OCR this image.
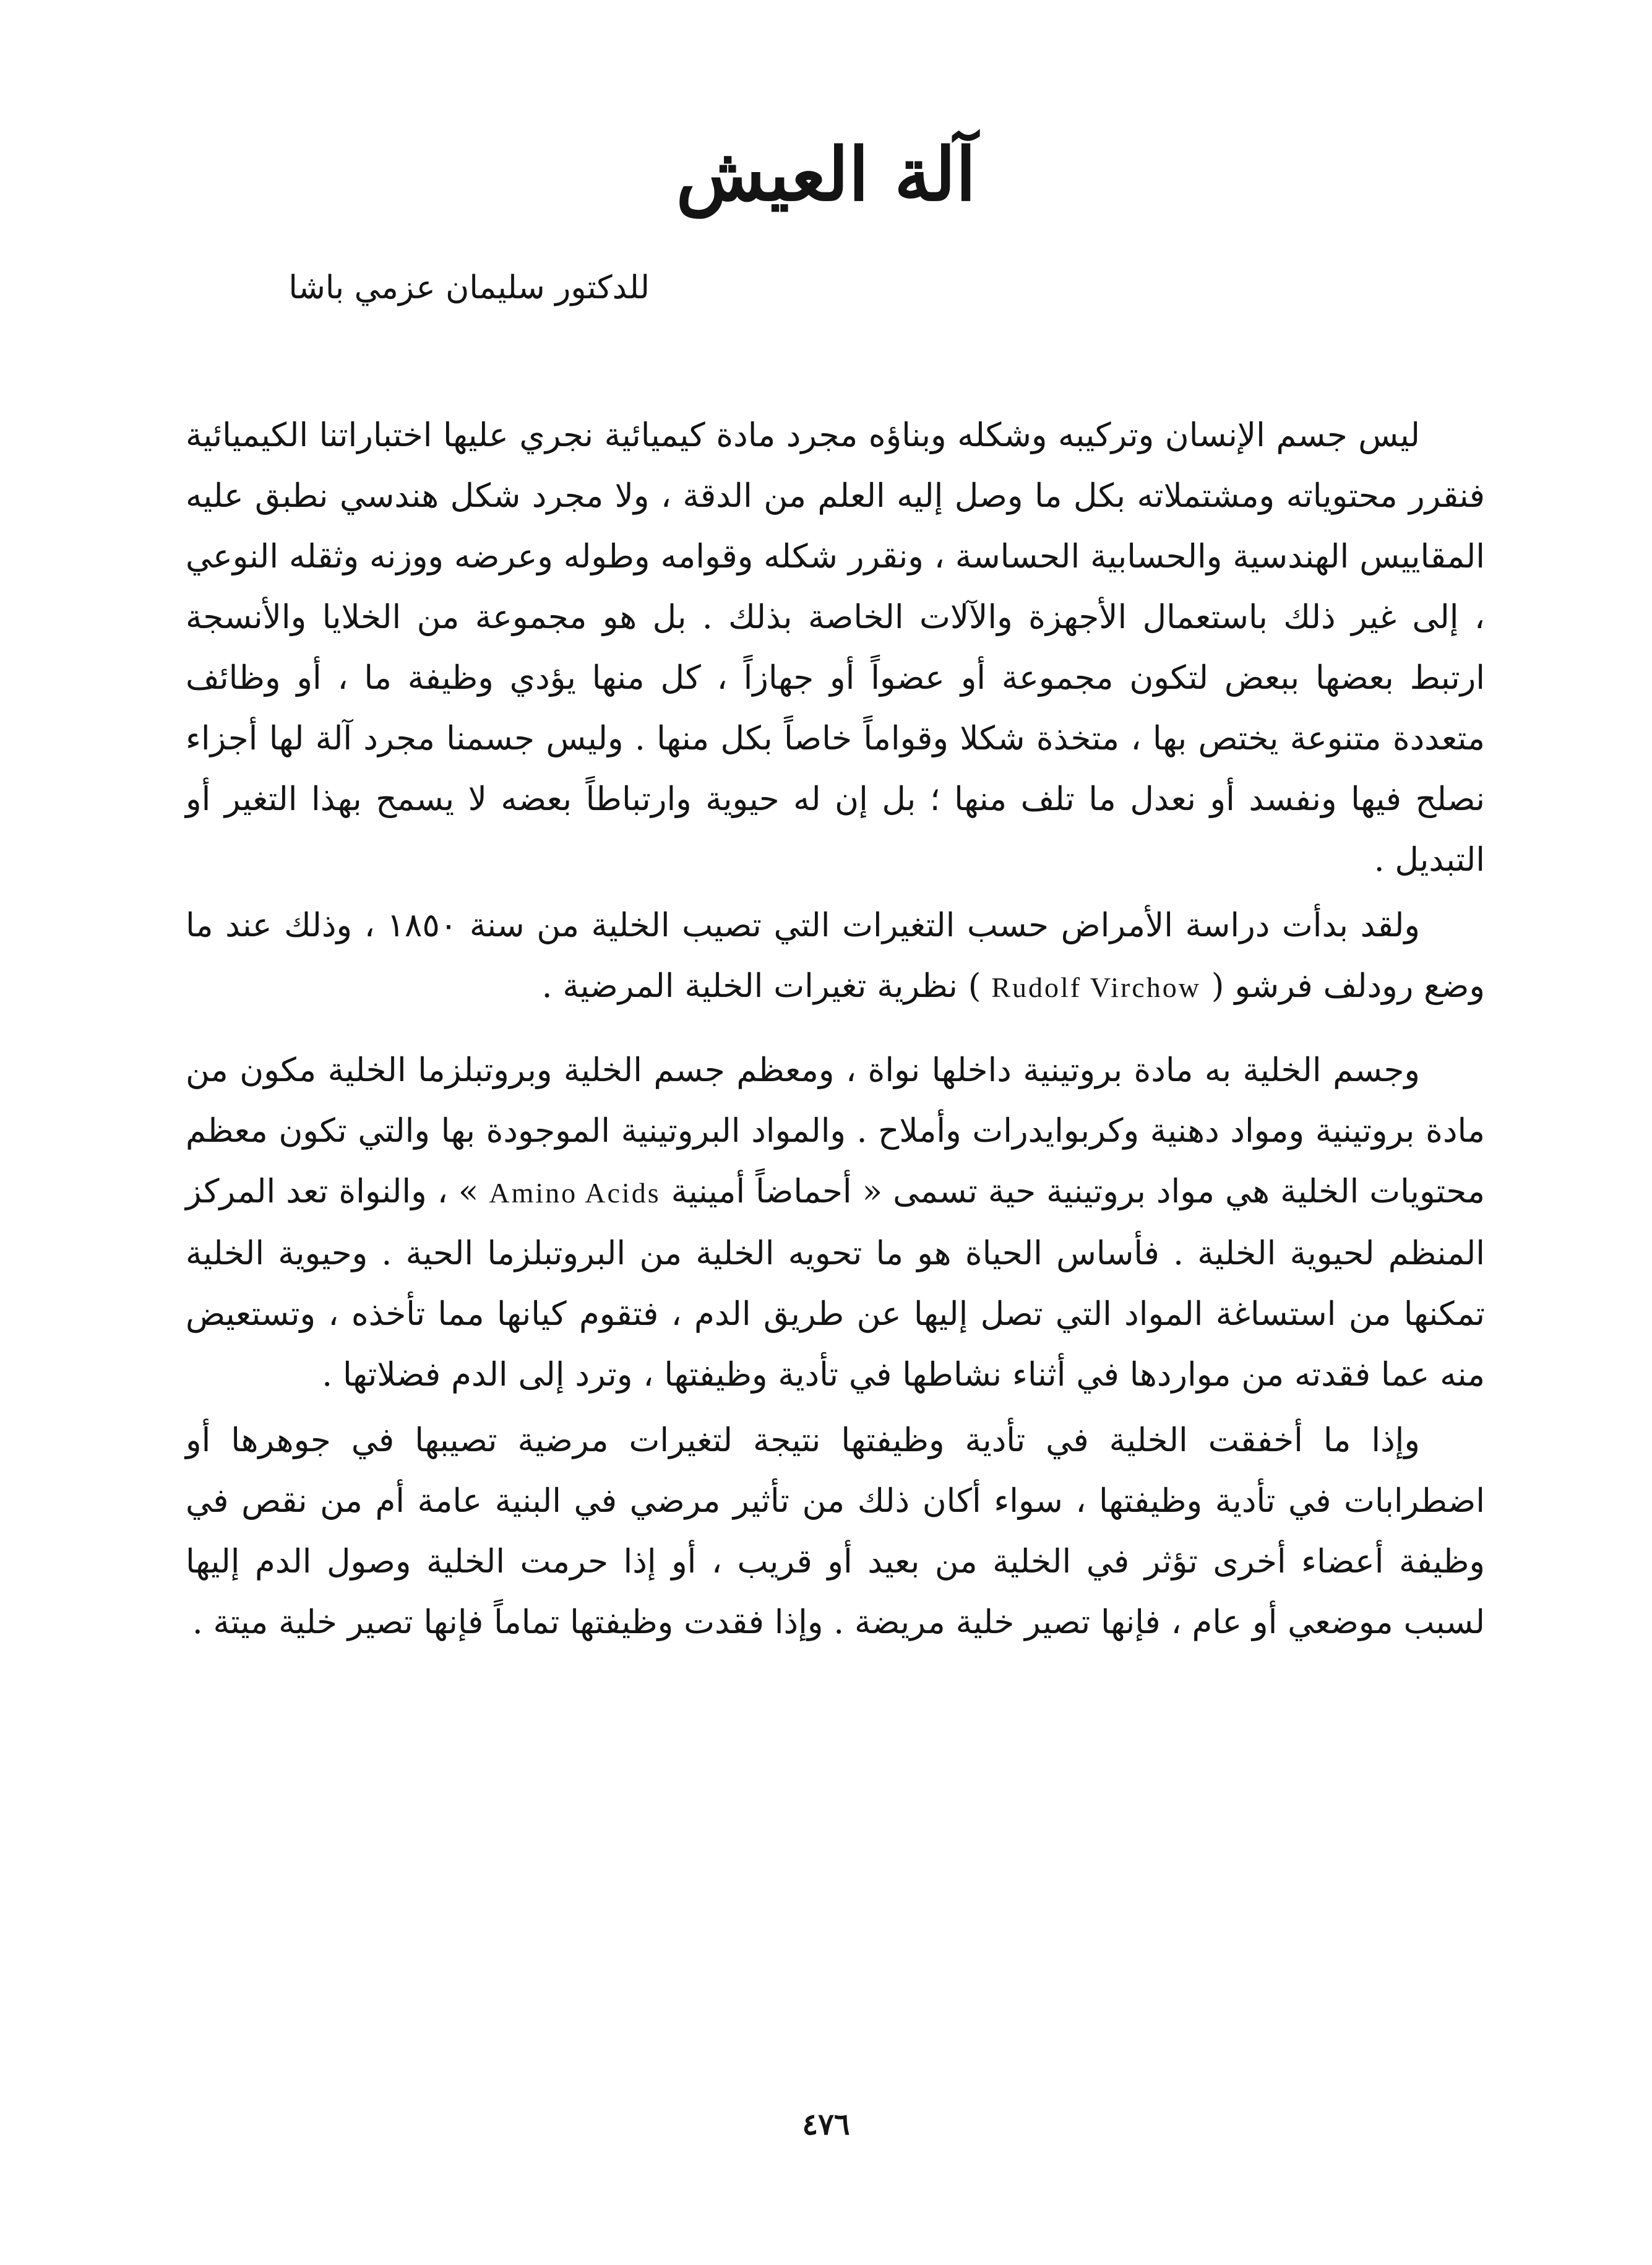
آلة العيش
للدكتور سليمان عزمي باشا

ليس جسم الإنسان وتركيبه وشكله وبناؤه مجرد مادة كيميائية نجري عليها اختباراتنا الكيميائية فنقرر محتوياته ومشتملاته بكل ما وصل إليه العلم من الدقة ، ولا مجرد شكل هندسي نطبق عليه المقاييس الهندسية والحسابية الحساسة ، ونقرر شكله وقوامه وطوله وعرضه ووزنه وثقله النوعي ، إلى غير ذلك باستعمال الأجهزة والآلات الخاصة بذلك . بل هو مجموعة من الخلايا والأنسجة ارتبط بعضها ببعض لتكون مجموعة أو عضواً أو جهازاً ، كل منها يؤدي وظيفة ما ، أو وظائف متعددة متنوعة يختص بها ، متخذة شكلا وقواماً خاصاً بكل منها . وليس جسمنا مجرد آلة لها أجزاء نصلح فيها ونفسد أو نعدل ما تلف منها ؛ بل إن له حيوية وارتباطاً بعضه لا يسمح بهذا التغير أو التبديل .

ولقد بدأت دراسة الأمراض حسب التغيرات التي تصيب الخلية من سنة ١٨٥٠ ، وذلك عند ما وضع رودلف فرشو ( Rudolf Virchow ) نظرية تغيرات الخلية المرضية .

وجسم الخلية به مادة بروتينية داخلها نواة ، ومعظم جسم الخلية وبروتبلزما الخلية مكون من مادة بروتينية ومواد دهنية وكربوايدرات وأملاح . والمواد البروتينية الموجودة بها والتي تكون معظم محتويات الخلية هي مواد بروتينية حية تسمى « أحماضاً أمينية Amino Acids » ، والنواة تعد المركز المنظم لحيوية الخلية . فأساس الحياة هو ما تحويه الخلية من البروتبلزما الحية . وحيوية الخلية تمكنها من استساغة المواد التي تصل إليها عن طريق الدم ، فتقوم كيانها مما تأخذه ، وتستعيض منه عما فقدته من مواردها في أثناء نشاطها في تأدية وظيفتها ، وترد إلى الدم فضلاتها .

وإذا ما أخفقت الخلية في تأدية وظيفتها نتيجة لتغيرات مرضية تصيبها في جوهرها أو اضطرابات في تأدية وظيفتها ، سواء أكان ذلك من تأثير مرضي في البنية عامة أم من نقص في وظيفة أعضاء أخرى تؤثر في الخلية من بعيد أو قريب ، أو إذا حرمت الخلية وصول الدم إليها لسبب موضعي أو عام ، فإنها تصير خلية مريضة . وإذا فقدت وظيفتها تماماً فإنها تصير خلية ميتة .

٤٧٦
